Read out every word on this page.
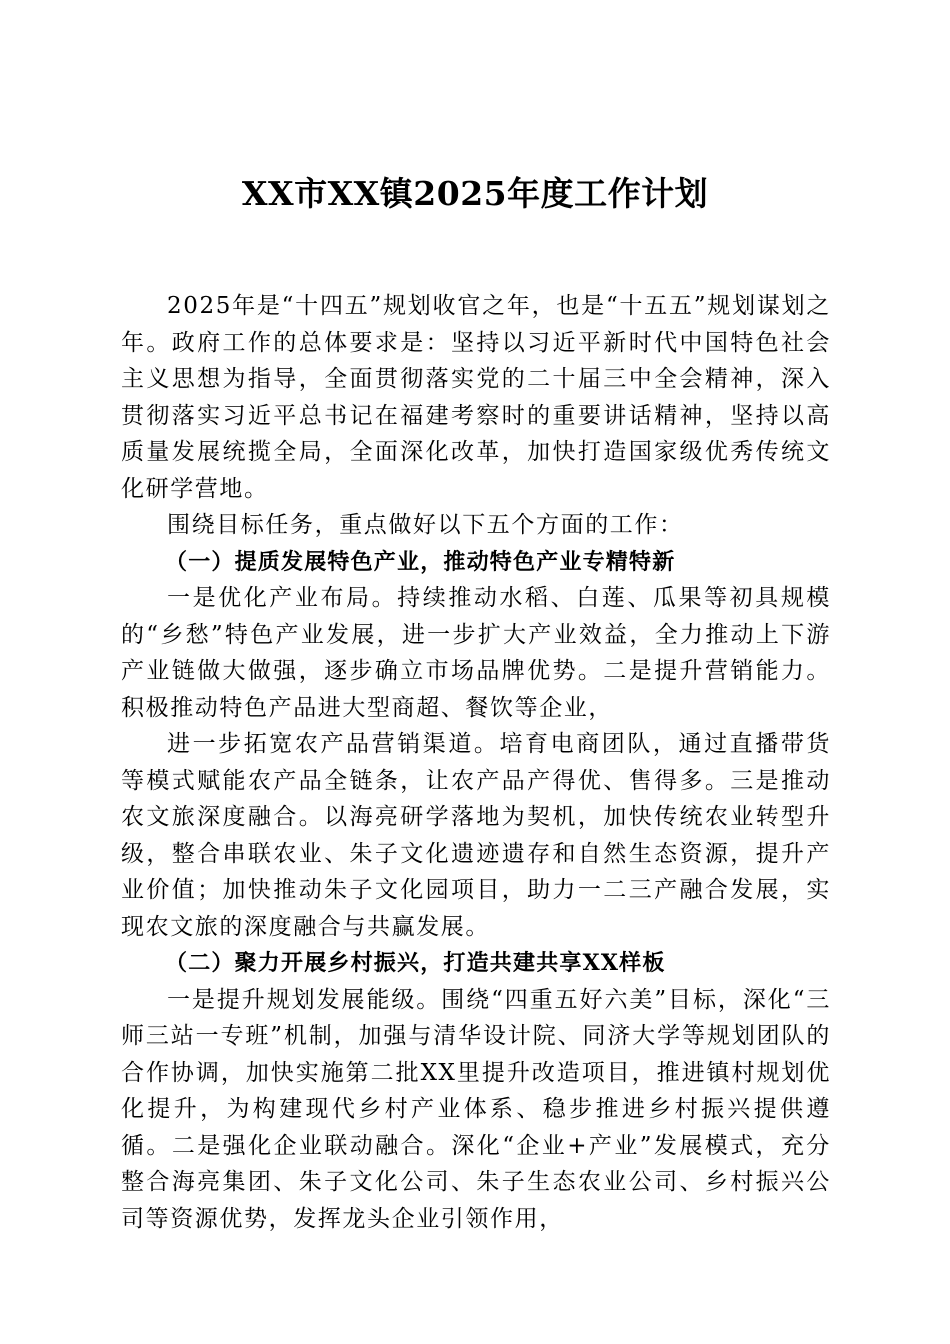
XX市XX镇2025年度工作计划

2025年是“十四五”规划收官之年，也是“十五五”规划谋划之年。政府工作的总体要求是：坚持以习近平新时代中国特色社会主义思想为指导，全面贯彻落实党的二十届三中全会精神，深入贯彻落实习近平总书记在福建考察时的重要讲话精神，坚持以高质量发展统揽全局，全面深化改革，加快打造国家级优秀传统文化研学营地。

围绕目标任务，重点做好以下五个方面的工作：

（一）提质发展特色产业，推动特色产业专精特新

一是优化产业布局。持续推动水稻、白莲、瓜果等初具规模的“乡愁”特色产业发展，进一步扩大产业效益，全力推动上下游产业链做大做强，逐步确立市场品牌优势。二是提升营销能力。积极推动特色产品进大型商超、餐饮等企业，

进一步拓宽农产品营销渠道。培育电商团队，通过直播带货等模式赋能农产品全链条，让农产品产得优、售得多。三是推动农文旅深度融合。以海亮研学落地为契机，加快传统农业转型升级，整合串联农业、朱子文化遗迹遗存和自然生态资源，提升产业价值；加快推动朱子文化园项目，助力一二三产融合发展，实现农文旅的深度融合与共赢发展。

（二）聚力开展乡村振兴，打造共建共享XX样板

一是提升规划发展能级。围绕“四重五好六美”目标，深化“三师三站一专班”机制，加强与清华设计院、同济大学等规划团队的合作协调，加快实施第二批XX里提升改造项目，推进镇村规划优化提升，为构建现代乡村产业体系、稳步推进乡村振兴提供遵循。二是强化企业联动融合。深化“企业+产业”发展模式，充分整合海亮集团、朱子文化公司、朱子生态农业公司、乡村振兴公司等资源优势，发挥龙头企业引领作用，
